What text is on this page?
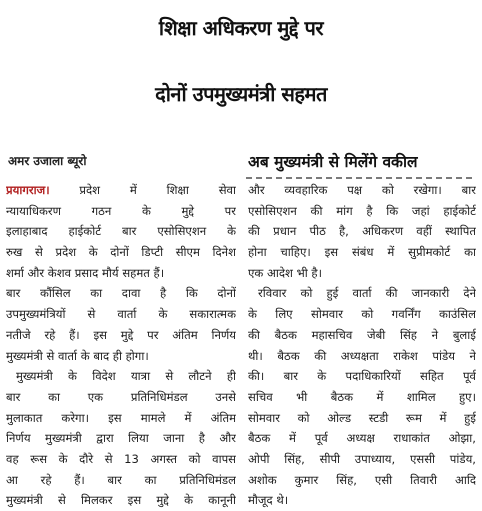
शिक्षा अधिकरण मुद्दे पर
दोनों उपमुख्यमंत्री सहमत
अमर उजाला ब्यूरो	अब मुख्यमंत्री से मिलेंगे वकील
प्रयागराज। प्रदेश में शिक्षा सेवा
न्यायाधिकरण गठन के मुद्दे पर
इलाहाबाद हाईकोर्ट बार एसोसिएशन के
रुख से प्रदेश के दोनों डिप्टी सीएम दिनेश
शर्मा और केशव प्रसाद मौर्य सहमत हैं।
बार कौंसिल का दावा है कि दोनों
उपमुख्यमंत्रियों से वार्ता के सकारात्मक
नतीजे रहे हैं। इस मुद्दे पर अंतिम निर्णय
मुख्यमंत्री से वार्ता के बाद ही होगा।
मुख्यमंत्री के विदेश यात्रा से लौटने ही
बार का एक प्रतिनिधिमंडल उनसे
मुलाकात करेगा। इस मामले में अंतिम
निर्णय मुख्यमंत्री द्वारा लिया जाना है और
वह रूस के दौरे से 13 अगस्त को वापस
आ रहे हैं। बार का प्रतिनिधिमंडल
मुख्यमंत्री से मिलकर इस मुद्दे के कानूनी
और व्यवहारिक पक्ष को रखेगा। बार
एसोसिएशन की मांग है कि जहां हाईकोर्ट
की प्रधान पीठ है, अधिकरण वहीं स्थापित
होना चाहिए। इस संबंध में सुप्रीमकोर्ट का
एक आदेश भी है।
रविवार को हुई वार्ता की जानकारी देने
के लिए सोमवार को गवर्निंग काउंसिल
की बैठक महासचिव जेबी सिंह ने बुलाई
थी। बैठक की अध्यक्षता राकेश पांडेय ने
की। बार के पदाधिकारियों सहित पूर्व
सचिव भी बैठक में शामिल हुए।
सोमवार को ओल्ड स्टडी रूम में हुई
बैठक में पूर्व अध्यक्ष राधाकांत ओझा,
ओपी सिंह, सीपी उपाध्याय, एससी पांडेय,
अशोक कुमार सिंह, एसी तिवारी आदि
मौजूद थे।
